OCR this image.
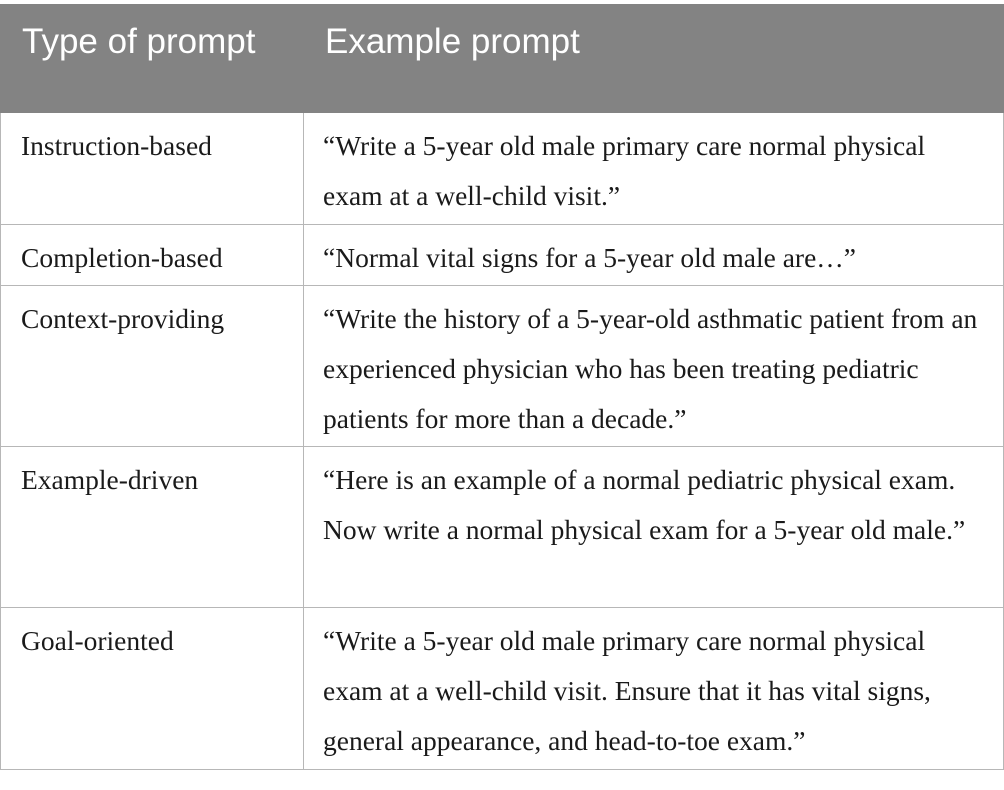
Type of prompt	Example prompt
Instruction-based	“Write a 5-year old male primary care normal physical exam at a well-child visit.”
Completion-based	“Normal vital signs for a 5-year old male are…”
Context-providing	“Write the history of a 5-year-old asthmatic patient from an experienced physician who has been treating pediatric patients for more than a decade.”
Example-driven	“Here is an example of a normal pediatric physical exam. Now write a normal physical exam for a 5-year old male.”
Goal-oriented	“Write a 5-year old male primary care normal physical exam at a well-child visit. Ensure that it has vital signs, general appearance, and head-to-toe exam.”
